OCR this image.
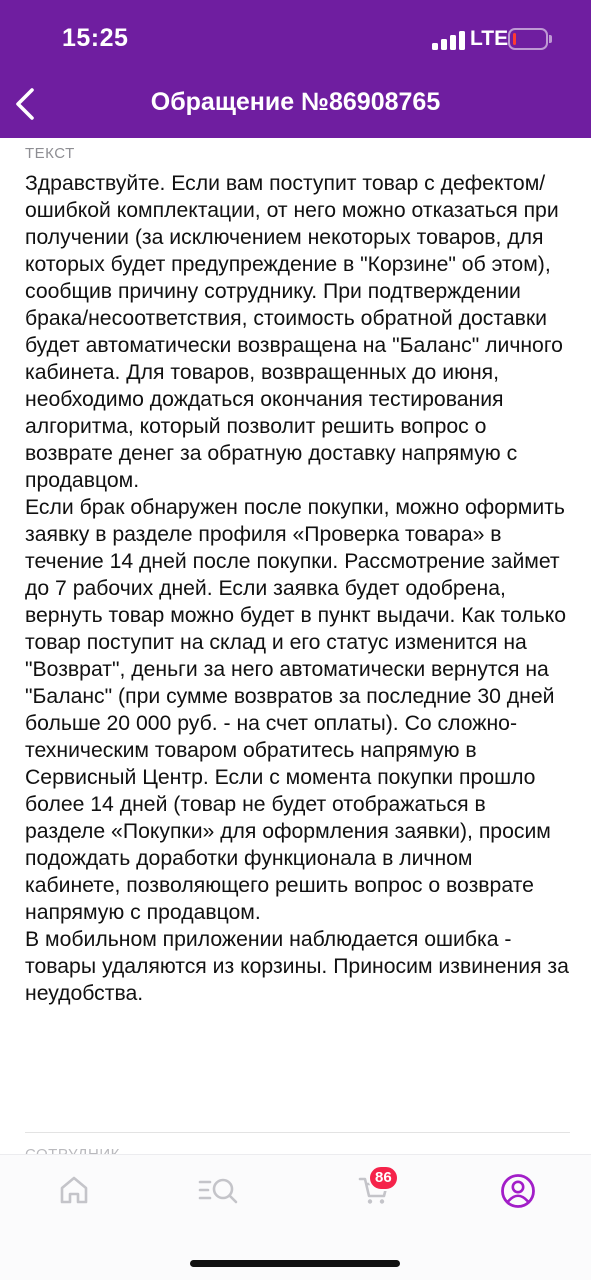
15:25	LTE
Обращение №86908765
ТЕКСТ

Здравствуйте. Если вам поступит товар с дефектом/ошибкой комплектации, от него можно отказаться при получении (за исключением некоторых товаров, для которых будет предупреждение в "Корзине" об этом), сообщив причину сотруднику. При подтверждении брака/несоответствия, стоимость обратной доставки будет автоматически возвращена на "Баланс" личного кабинета. Для товаров, возвращенных до июня, необходимо дождаться окончания тестирования алгоритма, который позволит решить вопрос о возврате денег за обратную доставку напрямую с продавцом.

Если брак обнаружен после покупки, можно оформить заявку в разделе профиля «Проверка товара» в течение 14 дней после покупки. Рассмотрение займет до 7 рабочих дней. Если заявка будет одобрена, вернуть товар можно будет в пункт выдачи. Как только товар поступит на склад и его статус изменится на "Возврат", деньги за него автоматически вернутся на "Баланс" (при сумме возвратов за последние 30 дней больше 20 000 руб. - на счет оплаты). Со сложно-техническим товаром обратитесь напрямую в Сервисный Центр. Если с момента покупки прошло более 14 дней (товар не будет отображаться в разделе «Покупки» для оформления заявки), просим подождать доработки функционала в личном кабинете, позволяющего решить вопрос о возврате напрямую с продавцом.

В мобильном приложении наблюдается ошибка - товары удаляются из корзины. Приносим извинения за неудобства.

86
